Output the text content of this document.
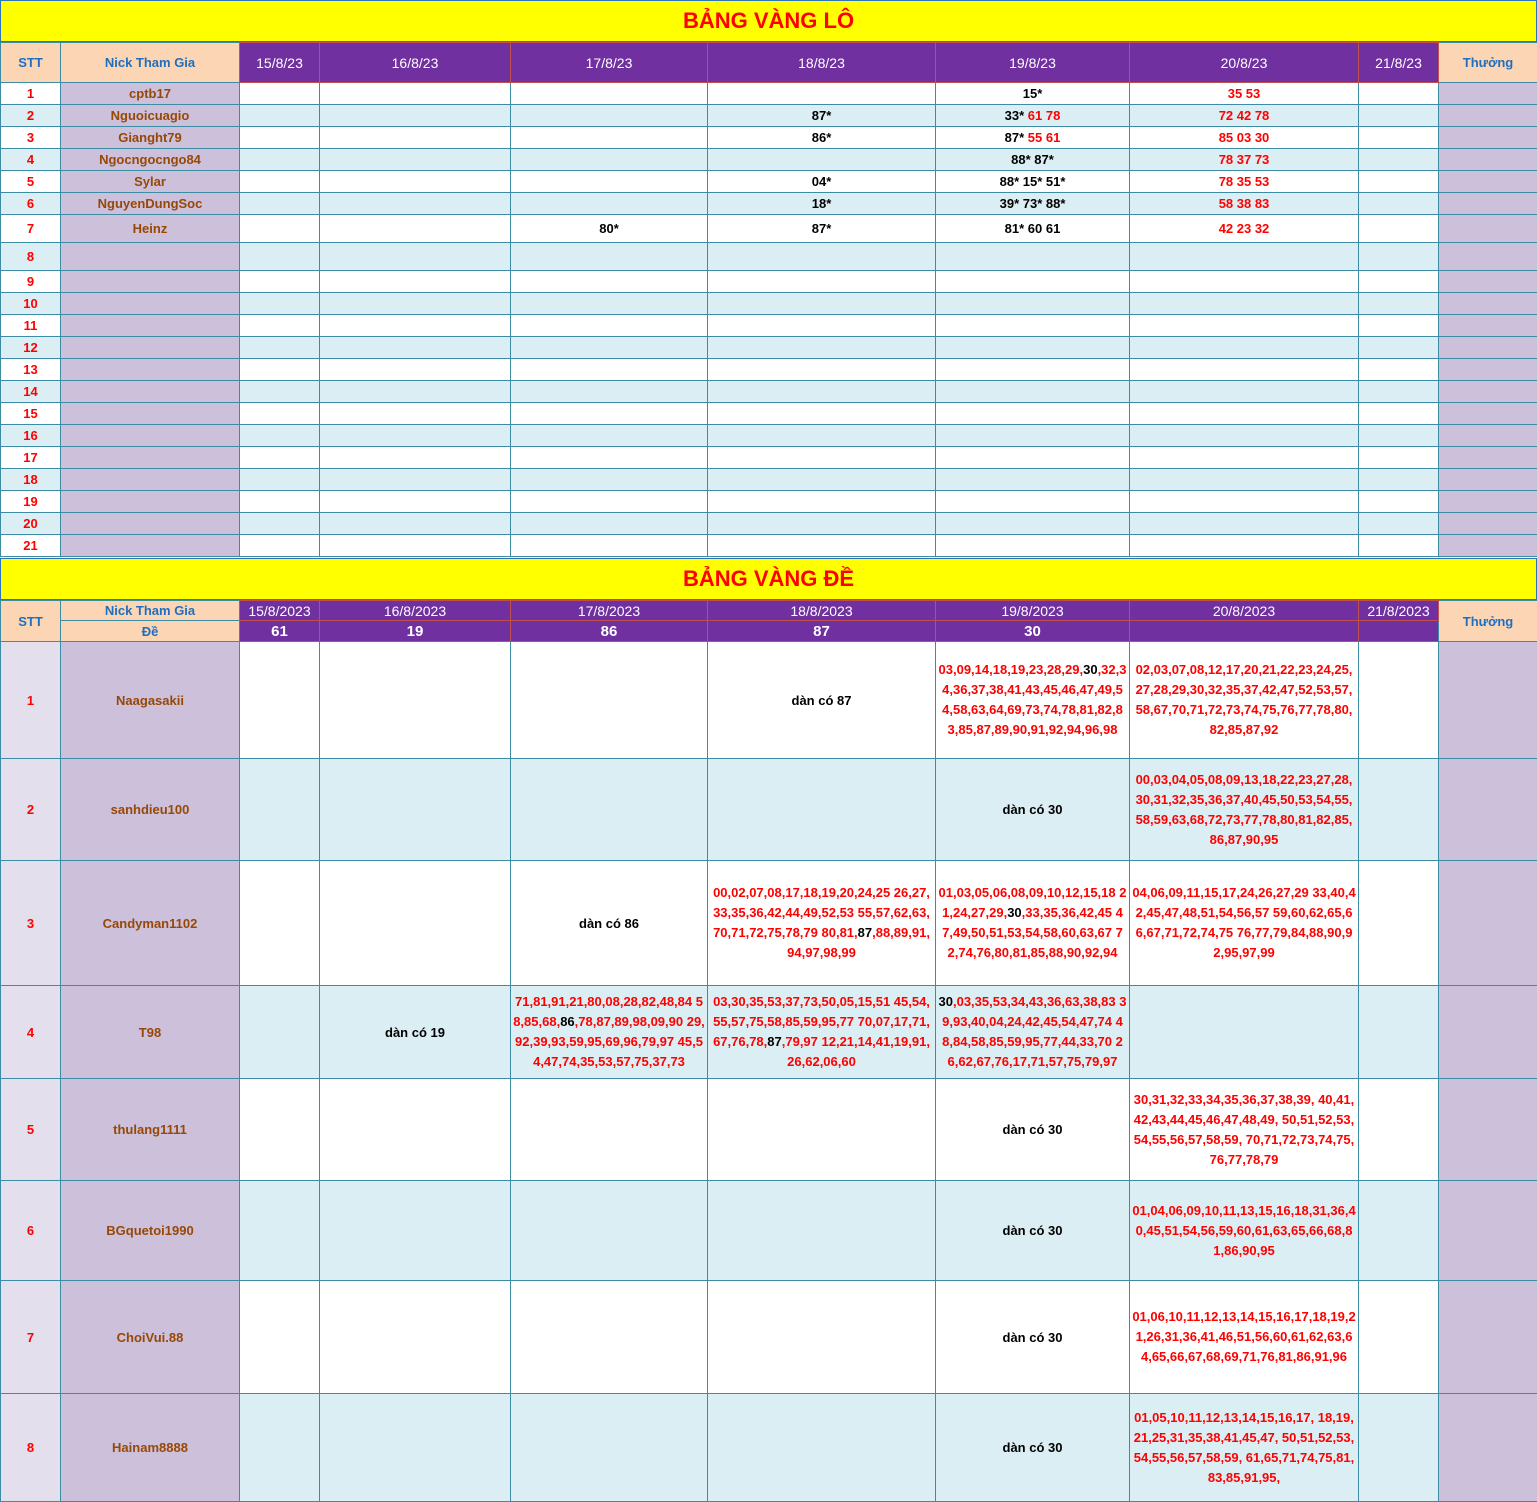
BẢNG VÀNG LÔ
STT	Nick Tham Gia	15/8/23	16/8/23	17/8/23	18/8/23	19/8/23	20/8/23	21/8/23	Thưởng
1	cptb17					15*	35 53		
2	Nguoicuagio				87*	33* 61 78	72 42 78		
3	Gianght79				86*	87* 55 61	85 03 30		
4	Ngocngocngo84					88* 87*	78 37 73		
5	Sylar				04*	88* 15* 51*	78 35 53		
6	NguyenDungSoc				18*	39* 73* 88*	58 38 83		
7	Heinz			80*	87*	81* 60 61	42 23 32		
8									
9									
10									
11									
12									
13									
14									
15									
16									
17									
18									
19									
20									
21									
BẢNG VÀNG ĐỀ
STT	Nick Tham Gia	15/8/2023	16/8/2023	17/8/2023	18/8/2023	19/8/2023	20/8/2023	21/8/2023	Thưởng
	Đề	61	19	86	87	30			
1	Naagasakii				dàn có 87	03,09,14,18,19,23,28,29,30,32,34,36,37,38,41,43,45,46,47,49,54,58,63,64,69,73,74,78,81,82,83,85,87,89,90,91,92,94,96,98	02,03,07,08,12,17,20,21,22,23,24,25,27,28,29,30,32,35,37,42,47,52,53,57,58,67,70,71,72,73,74,75,76,77,78,80,82,85,87,92		
2	sanhdieu100					dàn có 30	00,03,04,05,08,09,13,18,22,23,27,28,30,31,32,35,36,37,40,45,50,53,54,55,58,59,63,68,72,73,77,78,80,81,82,85,86,87,90,95		
3	Candyman1102			dàn có 86	00,02,07,08,17,18,19,20,24,25 26,27,33,35,36,42,44,49,52,53 55,57,62,63,70,71,72,75,78,79 80,81,87,88,89,91,94,97,98,99	01,03,05,06,08,09,10,12,15,18 21,24,27,29,30,33,35,36,42,45 47,49,50,51,53,54,58,60,63,67 72,74,76,80,81,85,88,90,92,94	04,06,09,11,15,17,24,26,27,29 33,40,42,45,47,48,51,54,56,57 59,60,62,65,66,67,71,72,74,75 76,77,79,84,88,90,92,95,97,99		
4	T98		dàn có 19	71,81,91,21,80,08,28,82,48,84 58,85,68,86,78,87,89,98,09,90 29,92,39,93,59,95,69,96,79,97 45,54,47,74,35,53,57,75,37,73	03,30,35,53,37,73,50,05,15,51 45,54,55,57,75,58,85,59,95,77 70,07,17,71,67,76,78,87,79,97 12,21,14,41,19,91,26,62,06,60	30,03,35,53,34,43,36,63,38,83 39,93,40,04,24,42,45,54,47,74 48,84,58,85,59,95,77,44,33,70 26,62,67,76,17,71,57,75,79,97			
5	thulang1111					dàn có 30	30,31,32,33,34,35,36,37,38,39, 40,41,42,43,44,45,46,47,48,49, 50,51,52,53,54,55,56,57,58,59, 70,71,72,73,74,75,76,77,78,79		
6	BGquetoi1990					dàn có 30	01,04,06,09,10,11,13,15,16,18,31,36,40,45,51,54,56,59,60,61,63,65,66,68,81,86,90,95		
7	ChoiVui.88					dàn có 30	01,06,10,11,12,13,14,15,16,17,18,19,21,26,31,36,41,46,51,56,60,61,62,63,64,65,66,67,68,69,71,76,81,86,91,96		
8	Hainam8888					dàn có 30	01,05,10,11,12,13,14,15,16,17, 18,19,21,25,31,35,38,41,45,47, 50,51,52,53,54,55,56,57,58,59, 61,65,71,74,75,81,83,85,91,95,		
